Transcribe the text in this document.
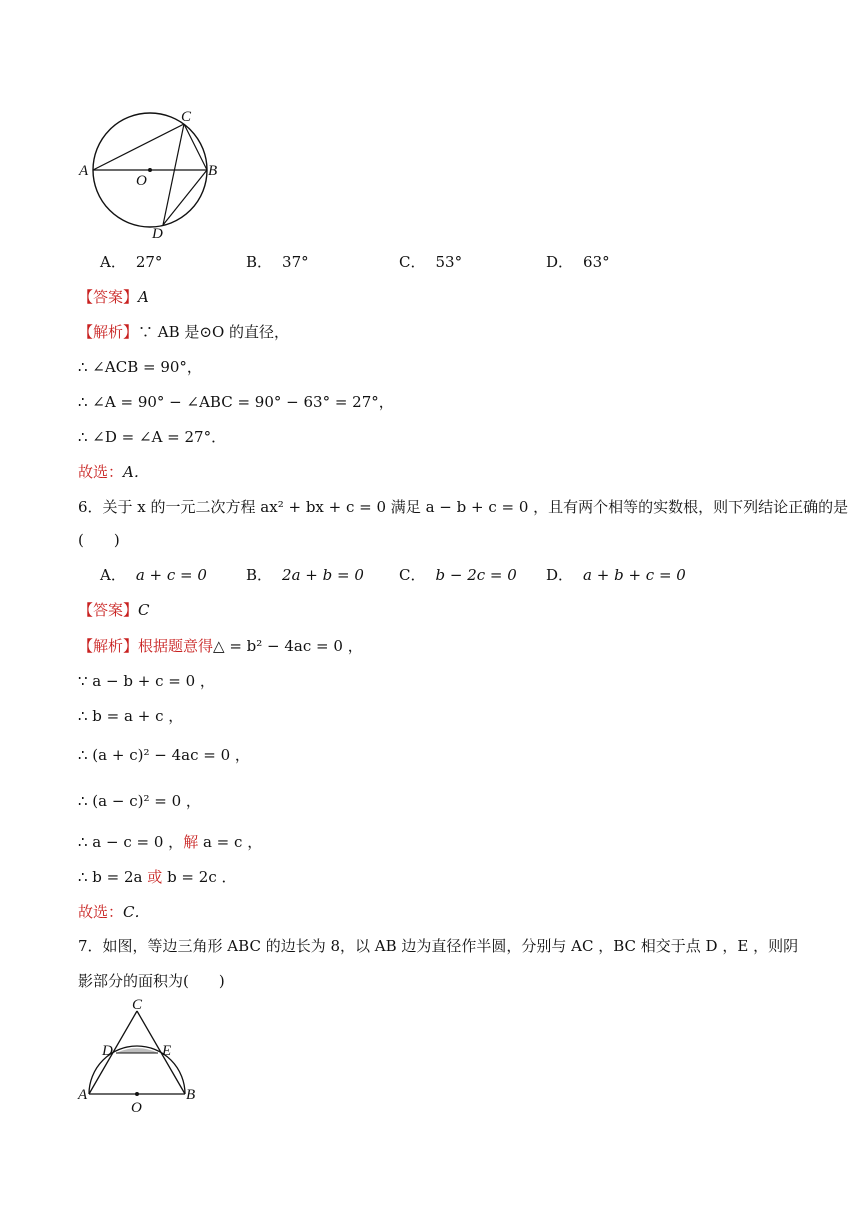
A	B
C
D
O
A． 27°	B． 37°	C． 53°	D． 63°
【答案】A
【解析】∵ AB 是⊙O 的直径，
∴ ∠ACB = 90°，
∴ ∠A = 90° − ∠ABC = 90° − 63° = 27°，
∴ ∠D = ∠A = 27°．
故选：A．
6．关于 x 的一元二次方程 ax² + bx + c = 0 满足 a − b + c = 0 ，且有两个相等的实数根，则下列结论正确的是
(　　)
A． a + c = 0	B． 2a + b = 0 C． b − 2c = 0 D． a + b + c = 0
【答案】C
【解析】根据题意得△ = b² − 4ac = 0 ，
∵ a − b + c = 0 ，
∴ b = a + c ，
∴ (a + c)² − 4ac = 0 ，
∴ (a − c)² = 0 ，
∴ a − c = 0 ，解 a = c ，
∴ b = 2a 或 b = 2c ．
故选：C．
7．如图，等边三角形 ABC 的边长为 8，以 AB 边为直径作半圆，分别与 AC ，BC 相交于点 D ，E ，则阴
影部分的面积为(　　)
A	B
C
D	E
O
